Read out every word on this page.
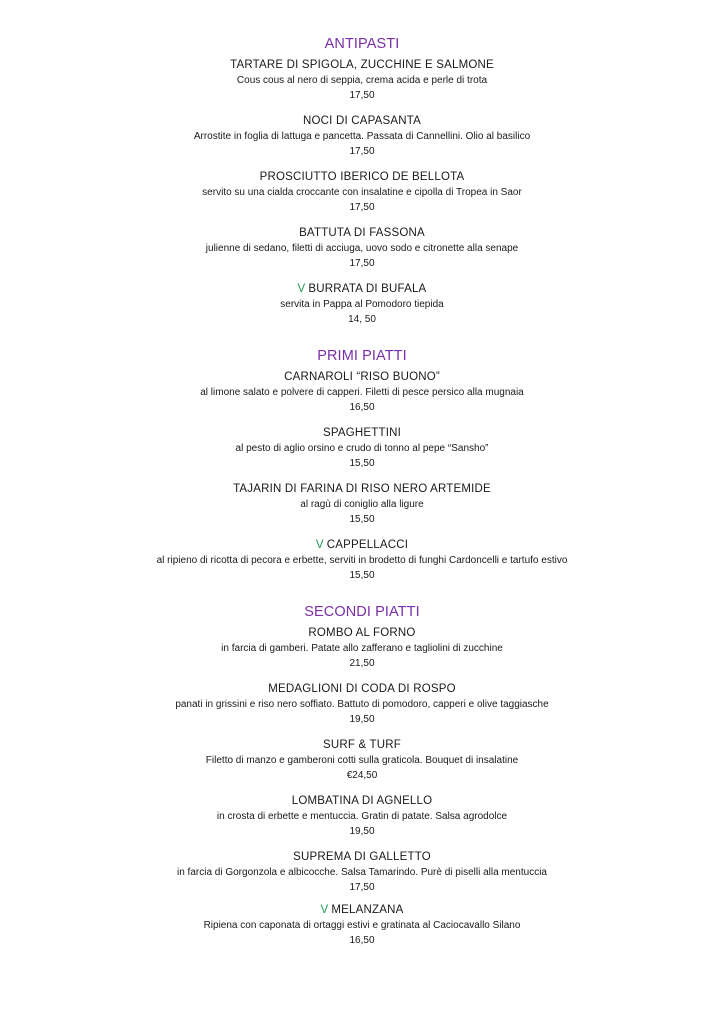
ANTIPASTI
TARTARE DI SPIGOLA, ZUCCHINE E SALMONE
Cous cous al nero di seppia, crema acida e perle di trota
17,50
NOCI DI CAPASANTA
Arrostite in foglia di lattuga e pancetta. Passata di Cannellini. Olio al basilico
17,50
PROSCIUTTO IBERICO DE BELLOTA
servito su una cialda croccante con insalatine e cipolla di Tropea in Saor
17,50
BATTUTA DI FASSONA
julienne di sedano, filetti di acciuga, uovo sodo e citronette alla senape
17,50
V BURRATA DI BUFALA
servita in Pappa al Pomodoro tiepida
14, 50
PRIMI PIATTI
CARNAROLI “RISO BUONO”
al limone salato e polvere di capperi. Filetti di pesce persico alla mugnaia
16,50
SPAGHETTINI
al pesto di aglio orsino e crudo di tonno al pepe “Sansho”
15,50
TAJARIN DI FARINA DI RISO NERO ARTEMIDE
al ragù di coniglio alla ligure
15,50
V CAPPELLACCI
al ripieno di ricotta di pecora e erbette, serviti in brodetto di funghi Cardoncelli e tartufo estivo
15,50
SECONDI PIATTI
ROMBO AL FORNO
in farcia di gamberi. Patate allo zafferano e tagliolini di zucchine
21,50
MEDAGLIONI DI CODA DI ROSPO
panati in grissini e riso nero soffiato. Battuto di pomodoro, capperi e olive taggiasche
19,50
SURF & TURF
Filetto di manzo e gamberoni cotti sulla graticola. Bouquet di insalatine
€24,50
LOMBATINA DI AGNELLO
in crosta di erbette e mentuccia. Gratin di patate. Salsa agrodolce
19,50
SUPREMA DI GALLETTO
in farcia di Gorgonzola e albicocche. Salsa Tamarindo. Purè di piselli alla mentuccia
17,50
V MELANZANA
Ripiena con caponata di ortaggi estivi e gratinata al Caciocavallo Silano
16,50
